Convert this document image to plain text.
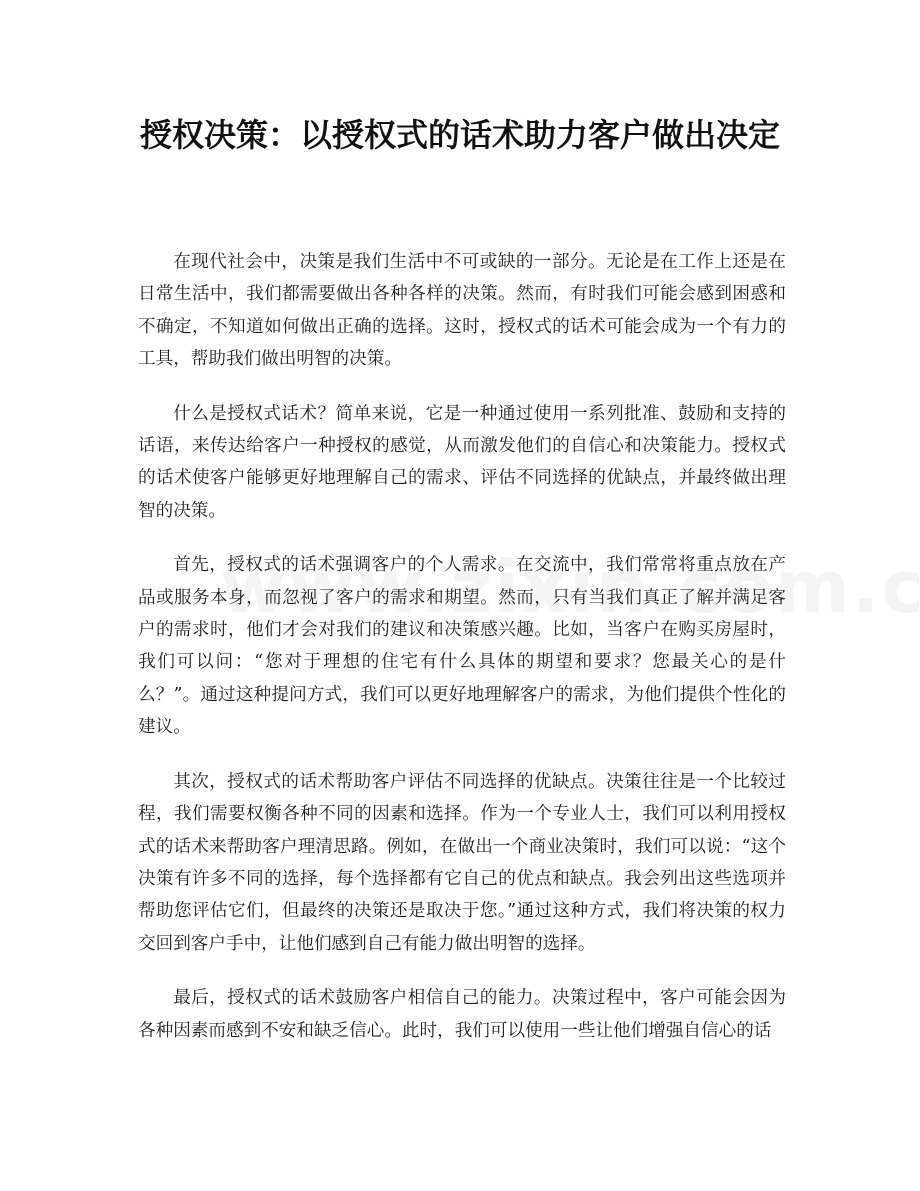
授权决策：以授权式的话术助力客户做出决定

在现代社会中，决策是我们生活中不可或缺的一部分。无论是在工作上还是在日常生活中，我们都需要做出各种各样的决策。然而，有时我们可能会感到困惑和不确定，不知道如何做出正确的选择。这时，授权式的话术可能会成为一个有力的工具，帮助我们做出明智的决策。

什么是授权式话术？简单来说，它是一种通过使用一系列批准、鼓励和支持的话语，来传达给客户一种授权的感觉，从而激发他们的自信心和决策能力。授权式的话术使客户能够更好地理解自己的需求、评估不同选择的优缺点，并最终做出理智的决策。

首先，授权式的话术强调客户的个人需求。在交流中，我们常常将重点放在产品或服务本身，而忽视了客户的需求和期望。然而，只有当我们真正了解并满足客户的需求时，他们才会对我们的建议和决策感兴趣。比如，当客户在购买房屋时，我们可以问：“您对于理想的住宅有什么具体的期望和要求？您最关心的是什么？”。通过这种提问方式，我们可以更好地理解客户的需求，为他们提供个性化的建议。

其次，授权式的话术帮助客户评估不同选择的优缺点。决策往往是一个比较过程，我们需要权衡各种不同的因素和选择。作为一个专业人士，我们可以利用授权式的话术来帮助客户理清思路。例如，在做出一个商业决策时，我们可以说：“这个决策有许多不同的选择，每个选择都有它自己的优点和缺点。我会列出这些选项并帮助您评估它们，但最终的决策还是取决于您。”通过这种方式，我们将决策的权力交回到客户手中，让他们感到自己有能力做出明智的选择。

最后，授权式的话术鼓励客户相信自己的能力。决策过程中，客户可能会因为各种因素而感到不安和缺乏信心。此时，我们可以使用一些让他们增强自信心的话
